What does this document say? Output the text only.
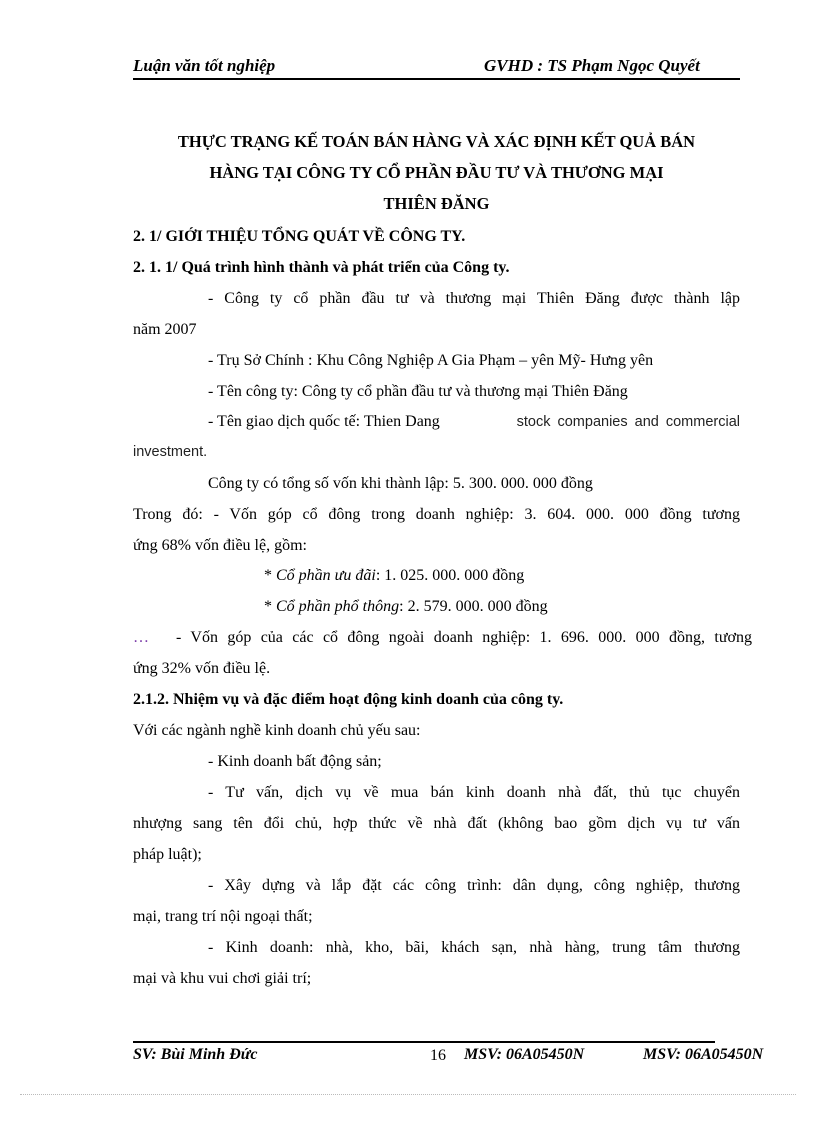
Luận văn tốt nghiệp	GVHD : TS Phạm Ngọc Quyết
THỰC TRẠNG KẾ TOÁN BÁN HÀNG VÀ XÁC ĐỊNH KẾT QUẢ BÁN
HÀNG TẠI CÔNG TY CỔ PHẦN ĐẦU TƯ VÀ THƯƠNG MẠI
THIÊN ĐĂNG
2. 1/ GIỚI THIỆU TỔNG QUÁT VỀ CÔNG TY.
2. 1. 1/ Quá trình hình thành và phát triển của Công ty.
- Công ty cổ phần đầu tư và thương mại Thiên Đăng được thành lập
năm 2007
- Trụ Sở Chính : Khu Công Nghiệp A Gia Phạm – yên Mỹ- Hưng yên
- Tên công ty: Công ty cổ phần đầu tư và thương mại Thiên Đăng
- Tên giao dịch quốc tế: Thien Dang	stock companies and commercial
investment.
Công ty có tổng số vốn khi thành lập: 5. 300. 000. 000 đồng
Trong đó: - Vốn góp cổ đông trong doanh nghiệp: 3. 604. 000. 000 đồng tương
ứng 68% vốn điều lệ, gồm:
* Cổ phần ưu đãi: 1. 025. 000. 000 đồng
* Cổ phần phổ thông: 2. 579. 000. 000 đồng
… - Vốn góp của các cổ đông ngoài doanh nghiệp: 1. 696. 000. 000 đồng, tương
ứng 32% vốn điều lệ.
2.1.2. Nhiệm vụ và đặc điểm hoạt động kinh doanh của công ty.
Với các ngành nghề kinh doanh chủ yếu sau:
- Kinh doanh bất động sản;
- Tư vấn, dịch vụ về mua bán kinh doanh nhà đất, thủ tục chuyển
nhượng sang tên đổi chủ, hợp thức về nhà đất (không bao gồm dịch vụ tư vấn
pháp luật);
- Xây dựng và lắp đặt các công trình: dân dụng, công nghiệp, thương
mại, trang trí nội ngoại thất;
- Kinh doanh: nhà, kho, bãi, khách sạn, nhà hàng, trung tâm thương
mại và khu vui chơi giải trí;
SV: Bùi Minh Đức	16 MSV: 06A05450N	MSV: 06A05450N
